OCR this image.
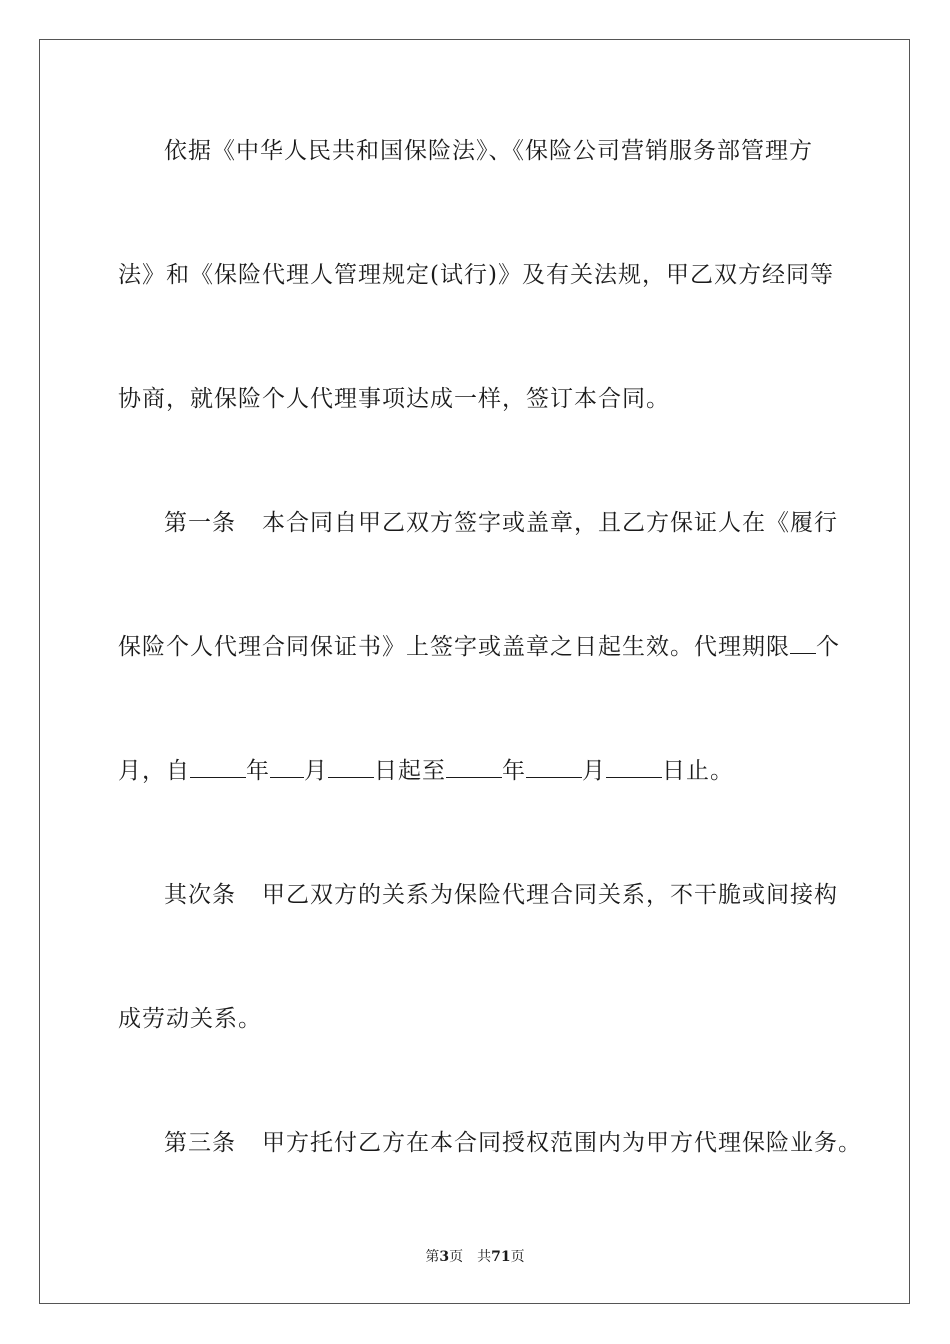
依据《中华人民共和国保险法》、《保险公司营销服务部管理方
法》和《保险代理人管理规定(试行)》及有关法规，甲乙双方经同等
协商，就保险个人代理事项达成一样，签订本合同。
第一条 本合同自甲乙双方签字或盖章，且乙方保证人在《履行
保险个人代理合同保证书》上签字或盖章之日起生效。代理期限 个
月，自 年 月 日起至 年 月 日止。
其次条 甲乙双方的关系为保险代理合同关系，不干脆或间接构
成劳动关系。
第三条 甲方托付乙方在本合同授权范围内为甲方代理保险业务。
第3页 共71页
